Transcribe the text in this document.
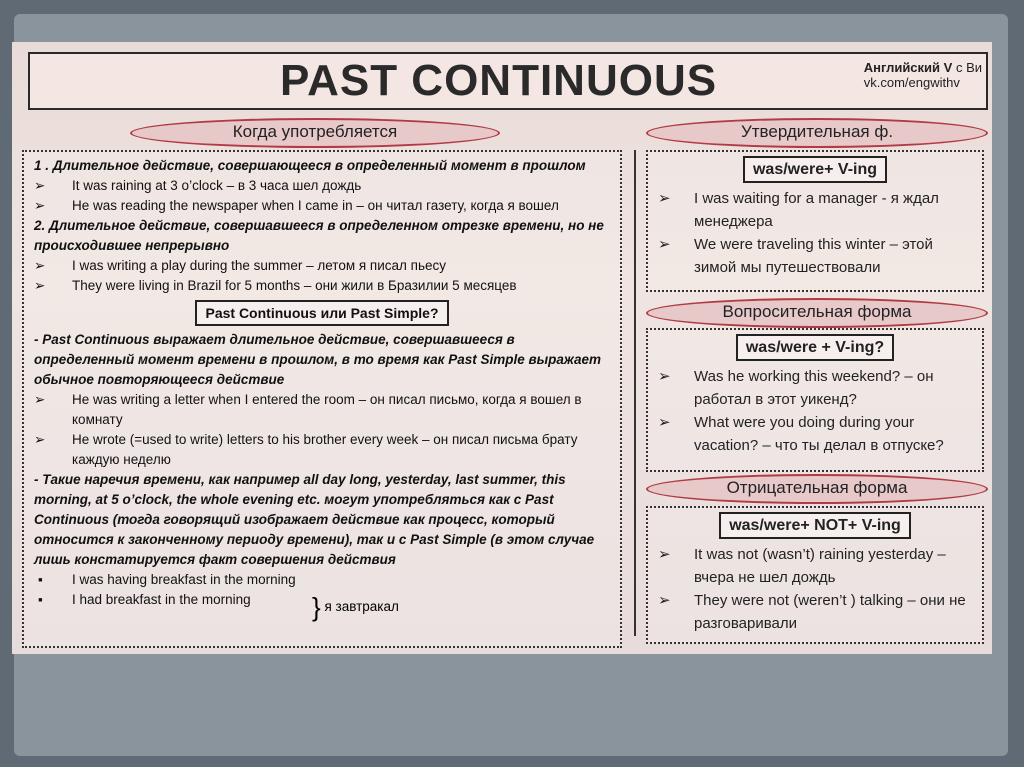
PAST CONTINUOUS	Английский V с Ви
vk.com/engwithv
Когда употребляется
1 . Длительное действие, совершающееся в определенный момент в прошлом
➢ It was raining at 3 o’clock – в 3 часа шел дождь
➢ He was reading the newspaper when I came in – он читал газету, когда я вошел
2. Длительное действие, совершавшееся в определенном отрезке времени, но не происходившее непрерывно
➢ I was writing a play during the summer – летом я писал пьесу
➢ They were living in Brazil for 5 months – они жили в Бразилии 5 месяцев
Past Continuous или Past Simple?
- Past Continuous выражает длительное действие, совершавшееся в определенный момент времени в прошлом, в то время как Past Simple выражает обычное повторяющееся действие
➢ He was writing a letter when I entered the room – он писал письмо, когда я вошел в комнату
➢ He wrote (=used to write) letters to his brother every week – он писал письма брату каждую неделю
- Такие наречия времени, как например all day long, yesterday, last summer, this morning, at 5 o’clock, the whole evening etc. могут употребляться как с Past Continuous (тогда говорящий изображает действие как процесс, который относится к законченному периоду времени), так и с Past Simple (в этом случае лишь констатируется факт совершения действия
▪ I was having breakfast in the morning
▪ I had breakfast in the morning	} я завтракал
Утвердительная ф.
was/were+ V-ing
➢ I was waiting for a manager - я ждал менеджера
➢ We were traveling this winter – этой зимой мы путешествовали
Вопросительная форма
was/were + V-ing?
➢ Was he working this weekend? – он работал в этот уикенд?
➢ What were you doing during your vacation? – что ты делал в отпуске?
Отрицательная форма
was/were+ NOT+ V-ing
➢ It was not (wasn’t) raining yesterday – вчера не шел дождь
➢ They were not (weren’t ) talking – они не разговаривали
